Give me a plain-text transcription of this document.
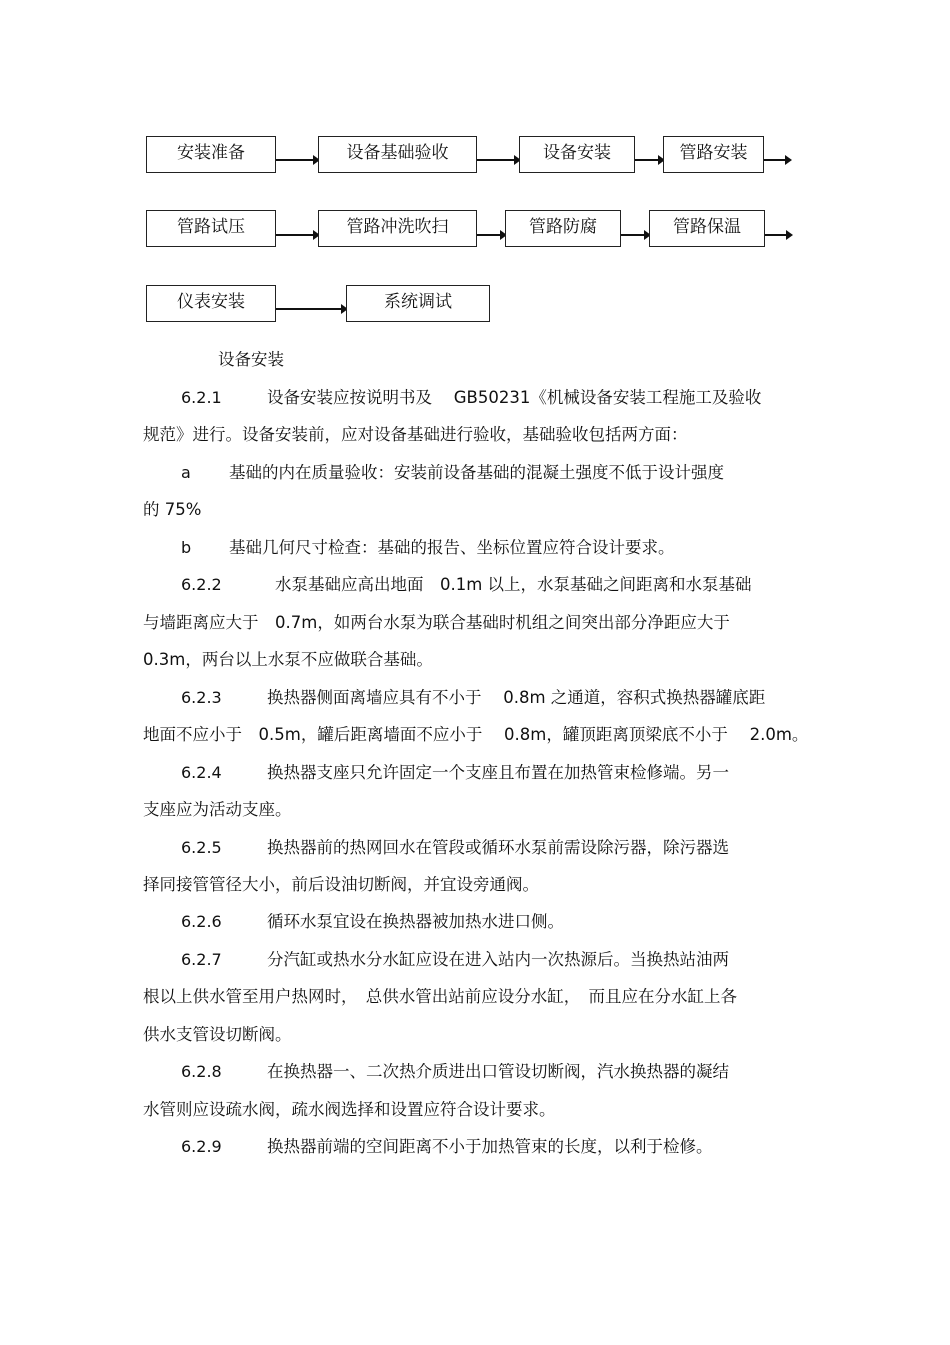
安装准备	设备基础验收	设备安装	管路安装
管路试压	管路冲洗吹扫	管路防腐	管路保温
仪表安装	系统调试
设备安装
6.2.1	设备安装应按说明书及　 GB50231《机械设备安装工程施工及验收
规范》进行。设备安装前，应对设备基础进行验收，基础验收包括两方面：
a 基础的内在质量验收：安装前设备基础的混凝土强度不低于设计强度
的 75%
b 基础几何尺寸检查：基础的报告、坐标位置应符合设计要求。
6.2.2	水泵基础应高出地面　0.1m 以上，水泵基础之间距离和水泵基础
与墙距离应大于　0.7m，如两台水泵为联合基础时机组之间突出部分净距应大于
0.3m，两台以上水泵不应做联合基础。
6.2.3	换热器侧面离墙应具有不小于　 0.8m 之通道，容积式换热器罐底距
地面不应小于　0.5m，罐后距离墙面不应小于　 0.8m，罐顶距离顶梁底不小于　 2.0m。
6.2.4	换热器支座只允许固定一个支座且布置在加热管束检修端。另一
支座应为活动支座。
6.2.5	换热器前的热网回水在管段或循环水泵前需设除污器，除污器选
择同接管管径大小，前后设油切断阀，并宜设旁通阀。
6.2.6	循环水泵宜设在换热器被加热水进口侧。
6.2.7	分汽缸或热水分水缸应设在进入站内一次热源后。当换热站油两
根以上供水管至用户热网时，　总供水管出站前应设分水缸，　而且应在分水缸上各
供水支管设切断阀。
6.2.8	在换热器一、二次热介质进出口管设切断阀，汽水换热器的凝结
水管则应设疏水阀，疏水阀选择和设置应符合设计要求。
6.2.9	换热器前端的空间距离不小于加热管束的长度，以利于检修。
